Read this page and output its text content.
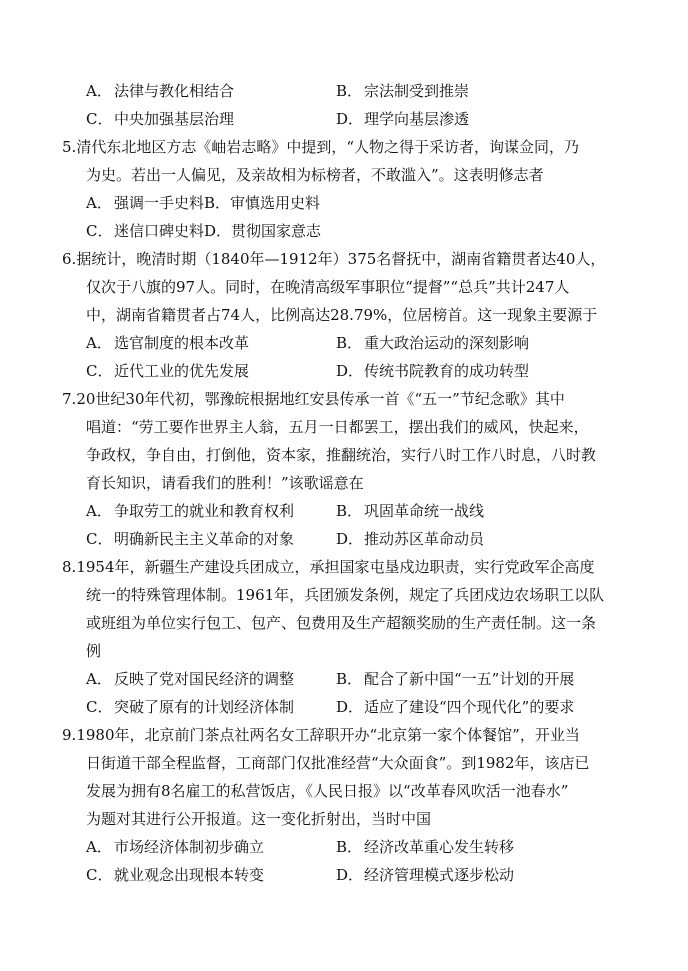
A． 法律与教化相结合	B． 宗法制受到推崇
C． 中央加强基层治理	D．理学向基层渗透
5.清代东北地区方志《岫岩志略》中提到，“人物之得于采访者，询谋佥同，乃
为史。若出一人偏见，及亲故相为标榜者，不敢滥入”。这表明修志者
A． 强调一手史料B．审慎选用史料
C． 迷信口碑史料D．贯彻国家意志
6.据统计，晚清时期（1840年—1912年）375名督抚中，湖南省籍贯者达40人，
仅次于八旗的97人。同时，在晚清高级军事职位“提督”“总兵”共计247人
中，湖南省籍贯者占74人，比例高达28.79%，位居榜首。这一现象主要源于
A． 选官制度的根本改革	B． 重大政治运动的深刻影响
C． 近代工业的优先发展	D．传统书院教育的成功转型
7.20世纪30年代初，鄂豫皖根据地红安县传承一首《“五一”节纪念歌》其中
唱道：“劳工要作世界主人翁，五月一日都罢工，摆出我们的威风，快起来，
争政权，争自由，打倒他，资本家，推翻统治，实行八时工作八时息，八时教
育长知识，请看我们的胜利！”该歌谣意在
A． 争取劳工的就业和教育权利	B． 巩固革命统一战线
C． 明确新民主主义革命的对象	D．推动苏区革命动员
8.1954年，新疆生产建设兵团成立，承担国家屯垦戍边职责，实行党政军企高度
统一的特殊管理体制。1961年，兵团颁发条例，规定了兵团戍边农场职工以队
或班组为单位实行包工、包产、包费用及生产超额奖励的生产责任制。这一条
例
A． 反映了党对国民经济的调整	B． 配合了新中国“一五”计划的开展
C． 突破了原有的计划经济体制	D．适应了建设“四个现代化”的要求
9.1980年，北京前门茶点社两名女工辞职开办“北京第一家个体餐馆”，开业当
日街道干部全程监督，工商部门仅批准经营“大众面食”。到1982年，该店已
发展为拥有8名雇工的私营饭店，《人民日报》以“改革春风吹活一池春水”
为题对其进行公开报道。这一变化折射出，当时中国
A． 市场经济体制初步确立	B． 经济改革重心发生转移
C． 就业观念出现根本转变	D．经济管理模式逐步松动
